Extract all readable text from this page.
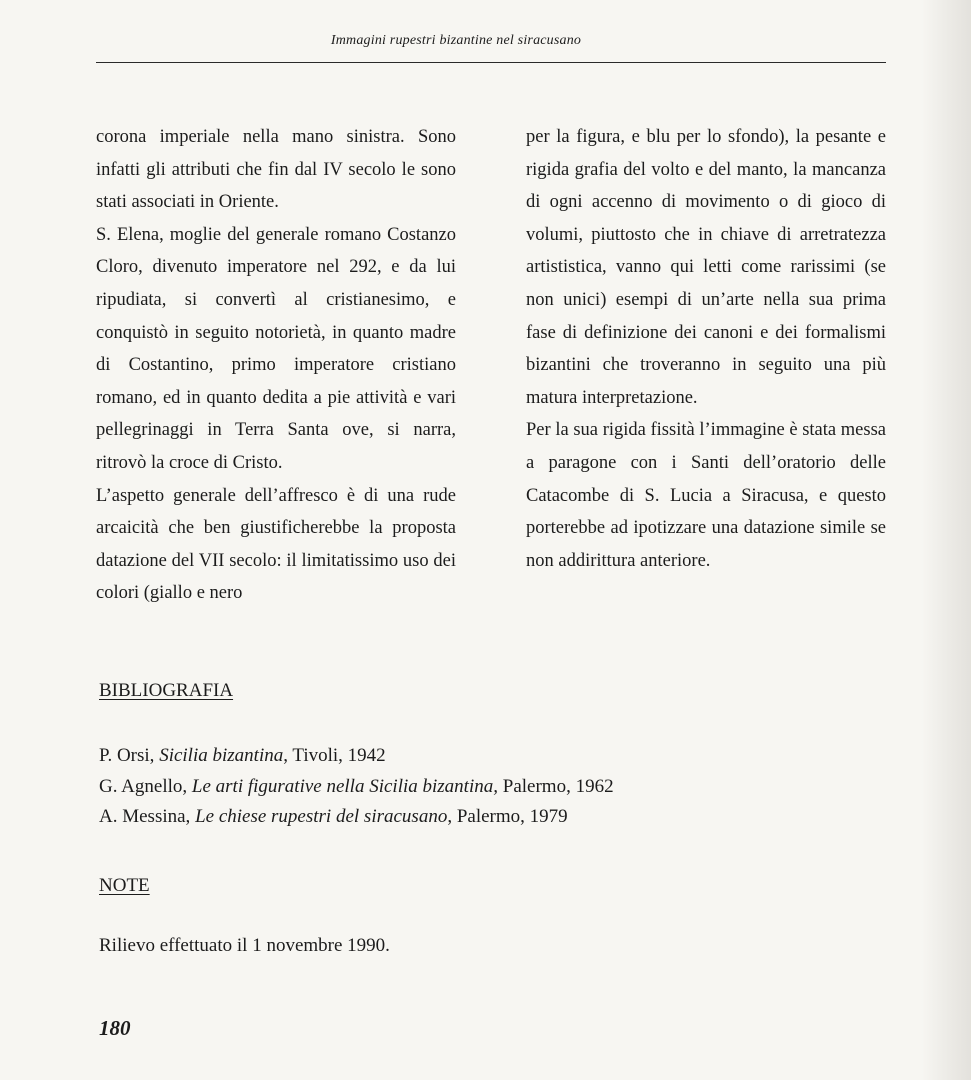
Immagini rupestri bizantine nel siracusano

corona imperiale nella mano sinistra. Sono infatti gli attributi che fin dal IV secolo le sono stati associati in Oriente.

S. Elena, moglie del generale romano Costanzo Cloro, divenuto imperatore nel 292, e da lui ripudiata, si convertì al cristianesimo, e conquistò in seguito notorietà, in quanto madre di Costantino, primo imperatore cristiano romano, ed in quanto dedita a pie attività e vari pellegrinaggi in Terra Santa ove, si narra, ritrovò la croce di Cristo.

L’aspetto generale dell’affresco è di una rude arcaicità che ben giustificherebbe la proposta datazione del VII secolo: il limitatissimo uso dei colori (giallo e nero

per la figura, e blu per lo sfondo), la pesante e rigida grafia del volto e del manto, la mancanza di ogni accenno di movimento o di gioco di volumi, piuttosto che in chiave di arretratezza artististica, vanno qui letti come rarissimi (se non unici) esempi di un’arte nella sua prima fase di definizione dei canoni e dei formalismi bizantini che troveranno in seguito una più matura interpretazione.

Per la sua rigida fissità l’immagine è stata messa a paragone con i Santi dell’oratorio delle Catacombe di S. Lucia a Siracusa, e questo porterebbe ad ipotizzare una datazione simile se non addirittura anteriore.

BIBLIOGRAFIA
P. Orsi, Sicilia bizantina, Tivoli, 1942
G. Agnello, Le arti figurative nella Sicilia bizantina, Palermo, 1962
A. Messina, Le chiese rupestri del siracusano, Palermo, 1979
NOTE

Rilievo effettuato il 1 novembre 1990.

180
